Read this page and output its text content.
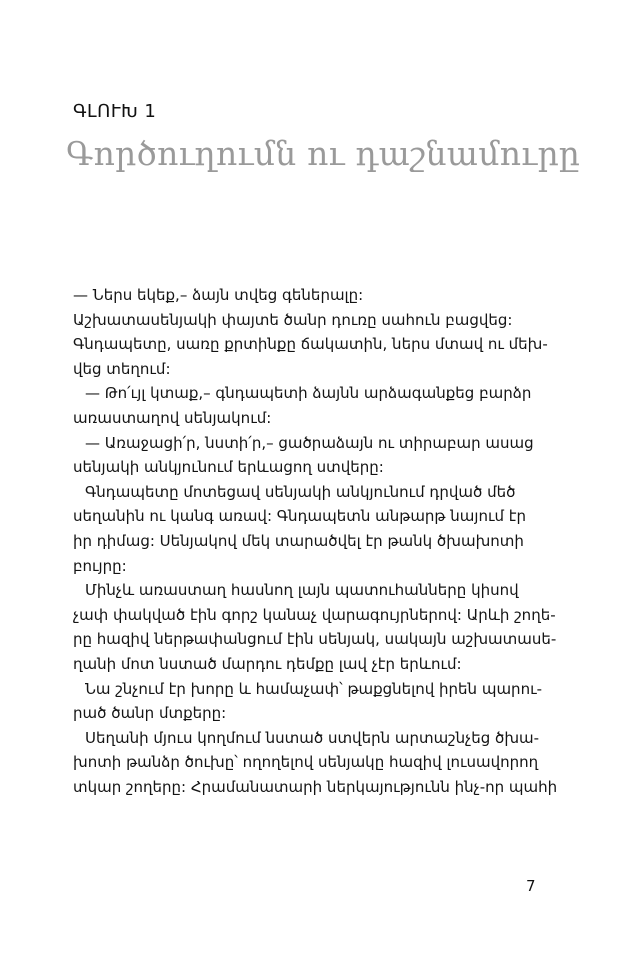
ԳԼՈՒԽ 1
Գործուղումն ու դաշնամուրը
— Ներս եկեք,– ձայն տվեց գեներալը:
Աշխատասենյակի փայտե ծանր դուռը սահուն բացվեց:
Գնդապետը, սառը քրտինքը ճակատին, ներս մտավ ու մեխ-
վեց տեղում:
— Թո՛ւյլ կտաք,– գնդապետի ձայնն արձագանքեց բարձր
առաստաղով սենյակում:
— Առաջացի՛ր, նստի՛ր,– ցածրաձայն ու տիրաբար ասաց
սենյակի անկյունում երևացող ստվերը:
Գնդապետը մոտեցավ սենյակի անկյունում դրված մեծ
սեղանին ու կանգ առավ: Գնդապետն անթարթ նայում էր
իր դիմաց: Սենյակով մեկ տարածվել էր թանկ ծխախոտի
բույրը:
Մինչև առաստաղ հասնող լայն պատուհանները կիսով
չափ փակված էին գորշ կանաչ վարագույրներով: Արևի շողե-
րը հազիվ ներթափանցում էին սենյակ, սակայն աշխատասե-
ղանի մոտ նստած մարդու դեմքը լավ չէր երևում:
Նա շնչում էր խորը և համաչափ՝ թաքցնելով իրեն պարու-
րած ծանր մտքերը:
Սեղանի մյուս կողմում նստած ստվերն արտաշնչեց ծխա-
խոտի թանձր ծուխը՝ ողողելով սենյակը հազիվ լուսավորող
տկար շողերը: Հրամանատարի ներկայությունն ինչ-որ պահի
7
